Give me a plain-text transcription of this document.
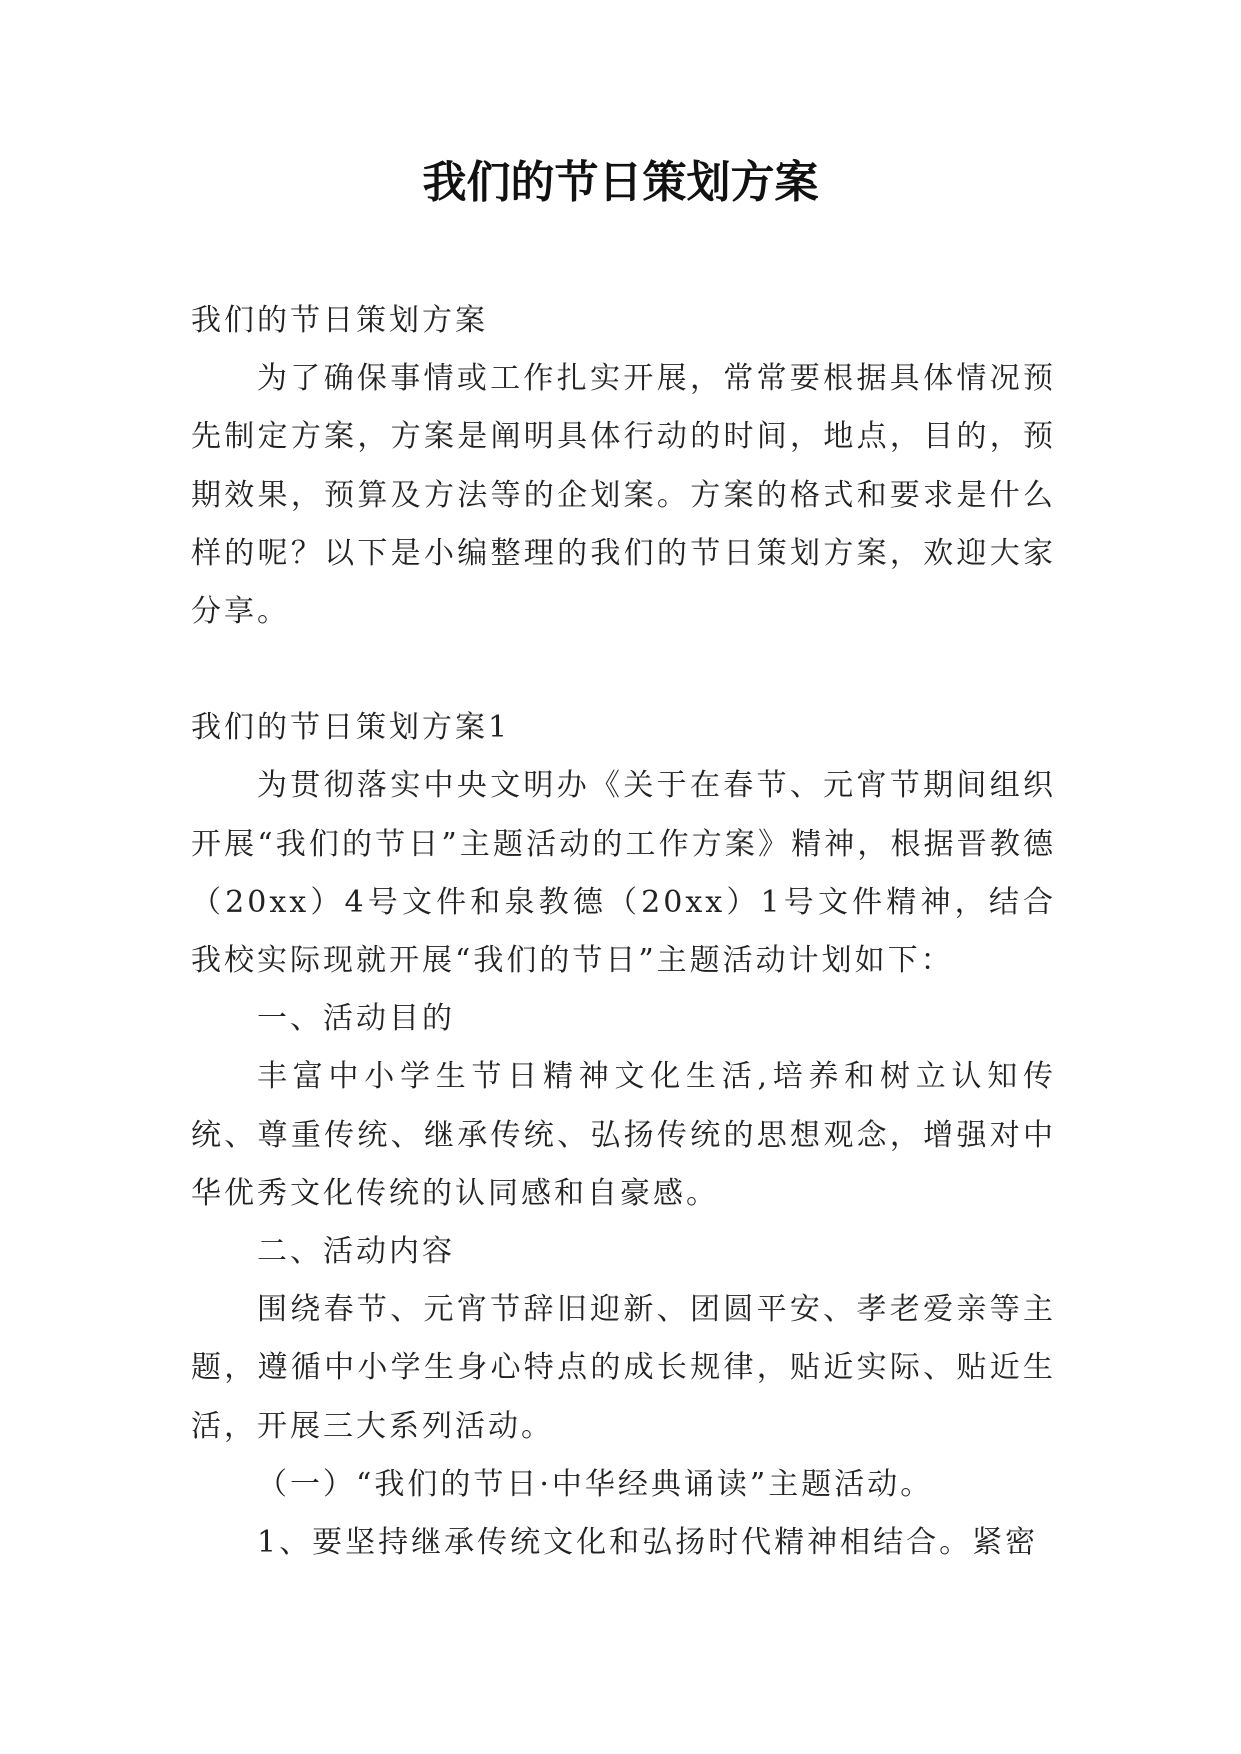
我们的节日策划方案

我们的节日策划方案

为了确保事情或工作扎实开展，常常要根据具体情况预先制定方案，方案是阐明具体行动的时间，地点，目的，预期效果，预算及方法等的企划案。方案的格式和要求是什么样的呢？以下是小编整理的我们的节日策划方案，欢迎大家分享。

我们的节日策划方案1

为贯彻落实中央文明办《关于在春节、元宵节期间组织开展“我们的节日”主题活动的工作方案》精神，根据晋教德（20xx）4号文件和泉教德（20xx）1号文件精神，结合我校实际现就开展“我们的节日”主题活动计划如下：

一、活动目的

丰富中小学生节日精神文化生活,培养和树立认知传统、尊重传统、继承传统、弘扬传统的思想观念，增强对中华优秀文化传统的认同感和自豪感。

二、活动内容

围绕春节、元宵节辞旧迎新、团圆平安、孝老爱亲等主题，遵循中小学生身心特点的成长规律，贴近实际、贴近生活，开展三大系列活动。

（一）“我们的节日·中华经典诵读”主题活动。

1、要坚持继承传统文化和弘扬时代精神相结合。紧密
